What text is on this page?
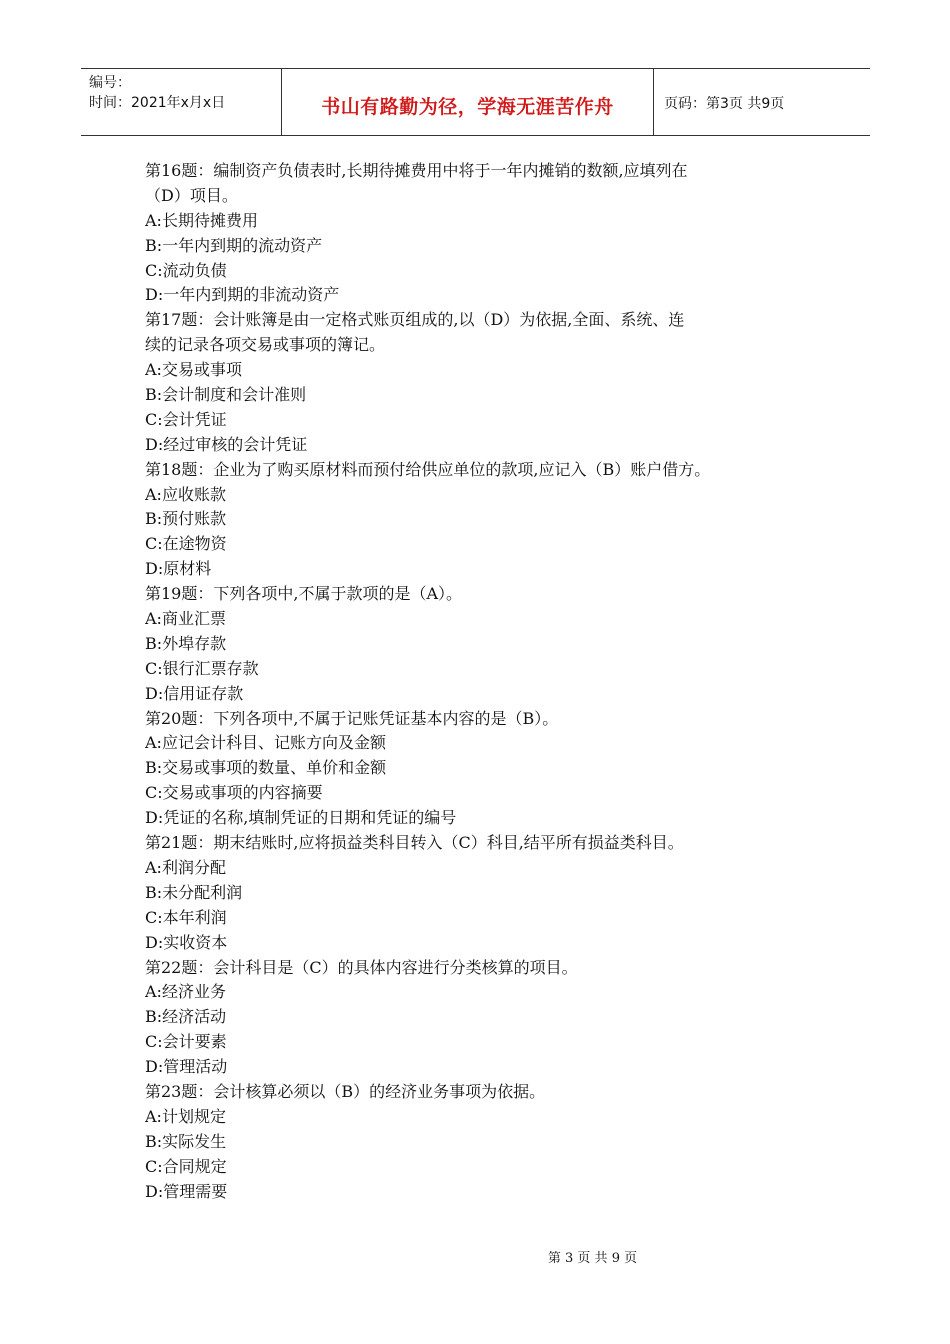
编号：
时间：2021年x月x日	书山有路勤为径，学海无涯苦作舟	页码：第3页 共9页
第16题：编制资产负债表时,长期待摊费用中将于一年内摊销的数额,应填列在
（D）项目。
A:长期待摊费用
B:一年内到期的流动资产
C:流动负债
D:一年内到期的非流动资产
第17题：会计账簿是由一定格式账页组成的,以（D）为依据,全面、系统、连
续的记录各项交易或事项的簿记。
A:交易或事项
B:会计制度和会计准则
C:会计凭证
D:经过审核的会计凭证
第18题：企业为了购买原材料而预付给供应单位的款项,应记入（B）账户借方。
A:应收账款
B:预付账款
C:在途物资
D:原材料
第19题：下列各项中,不属于款项的是（A）。
A:商业汇票
B:外埠存款
C:银行汇票存款
D:信用证存款
第20题：下列各项中,不属于记账凭证基本内容的是（B）。
A:应记会计科目、记账方向及金额
B:交易或事项的数量、单价和金额
C:交易或事项的内容摘要
D:凭证的名称,填制凭证的日期和凭证的编号
第21题：期末结账时,应将损益类科目转入（C）科目,结平所有损益类科目。
A:利润分配
B:未分配利润
C:本年利润
D:实收资本
第22题：会计科目是（C）的具体内容进行分类核算的项目。
A:经济业务
B:经济活动
C:会计要素
D:管理活动
第23题：会计核算必须以（B）的经济业务事项为依据。
A:计划规定
B:实际发生
C:合同规定
D:管理需要
第 3 页 共 9 页
